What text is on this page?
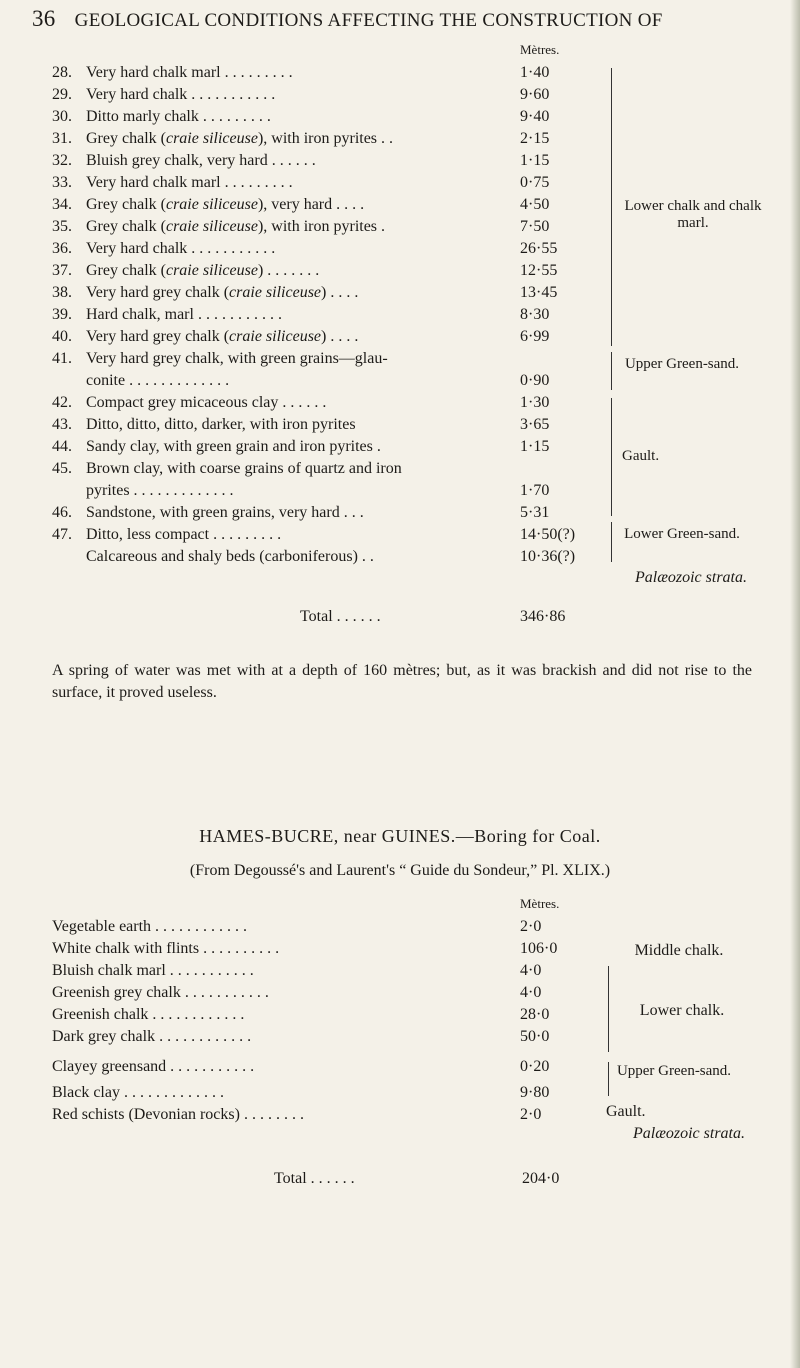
36 GEOLOGICAL CONDITIONS AFFECTING THE CONSTRUCTION OF
Mètres.
28. Very hard chalk marl . . . . . . . . .	1·40
29. Very hard chalk . . . . . . . . . . .	9·60
30. Ditto marly chalk . . . . . . . . .	9·40
31. Grey chalk (craie siliceuse), with iron pyrites . .	2·15
32. Bluish grey chalk, very hard . . . . . .	1·15
33. Very hard chalk marl . . . . . . . . .	0·75
34. Grey chalk (craie siliceuse), very hard . . . .	4·50
35. Grey chalk (craie siliceuse), with iron pyrites .	7·50
36. Very hard chalk . . . . . . . . . . .	26·55
37. Grey chalk (craie siliceuse) . . . . . . .	12·55
38. Very hard grey chalk (craie siliceuse) . . . .	13·45
39. Hard chalk, marl . . . . . . . . . . .	8·30
40. Very hard grey chalk (craie siliceuse) . . . .	6·99
41. Very hard grey chalk, with green grains—glau-
conite . . . . . . . . . . . . .	0·90
42. Compact grey micaceous clay . . . . . .	1·30
43. Ditto, ditto, ditto, darker, with iron pyrites	3·65
44. Sandy clay, with green grain and iron pyrites .	1·15
45. Brown clay, with coarse grains of quartz and iron
pyrites . . . . . . . . . . . . .	1·70
46. Sandstone, with green grains, very hard . . .	5·31
47. Ditto, less compact . . . . . . . . .	14·50(?)
Calcareous and shaly beds (carboniferous) . .	10·36(?)
Lower chalk and chalk marl.
Upper Green-sand.
Gault.
Lower Green-sand.
Palæozoic strata.
Total . . . . . .	346·86
A spring of water was met with at a depth of 160 mètres; but, as it was brackish and did not rise to the surface, it proved useless.
HAMES-BUCRE, near GUINES.—Boring for Coal.
(From Degoussé's and Laurent's “ Guide du Sondeur,” Pl. XLIX.)
Mètres.
Vegetable earth . . . . . . . . . . . .	2·0
White chalk with flints . . . . . . . . . .	106·0
Bluish chalk marl . . . . . . . . . . .	4·0
Greenish grey chalk . . . . . . . . . . .	4·0
Greenish chalk . . . . . . . . . . . .	28·0
Dark grey chalk . . . . . . . . . . . .	50·0
Clayey greensand . . . . . . . . . . .	0·20
Black clay . . . . . . . . . . . . .	9·80
Red schists (Devonian rocks) . . . . . . . .	2·0
Middle chalk.
Lower chalk.
Upper Green-sand.
Gault.
Palæozoic strata.
Total . . . . . .	204·0
